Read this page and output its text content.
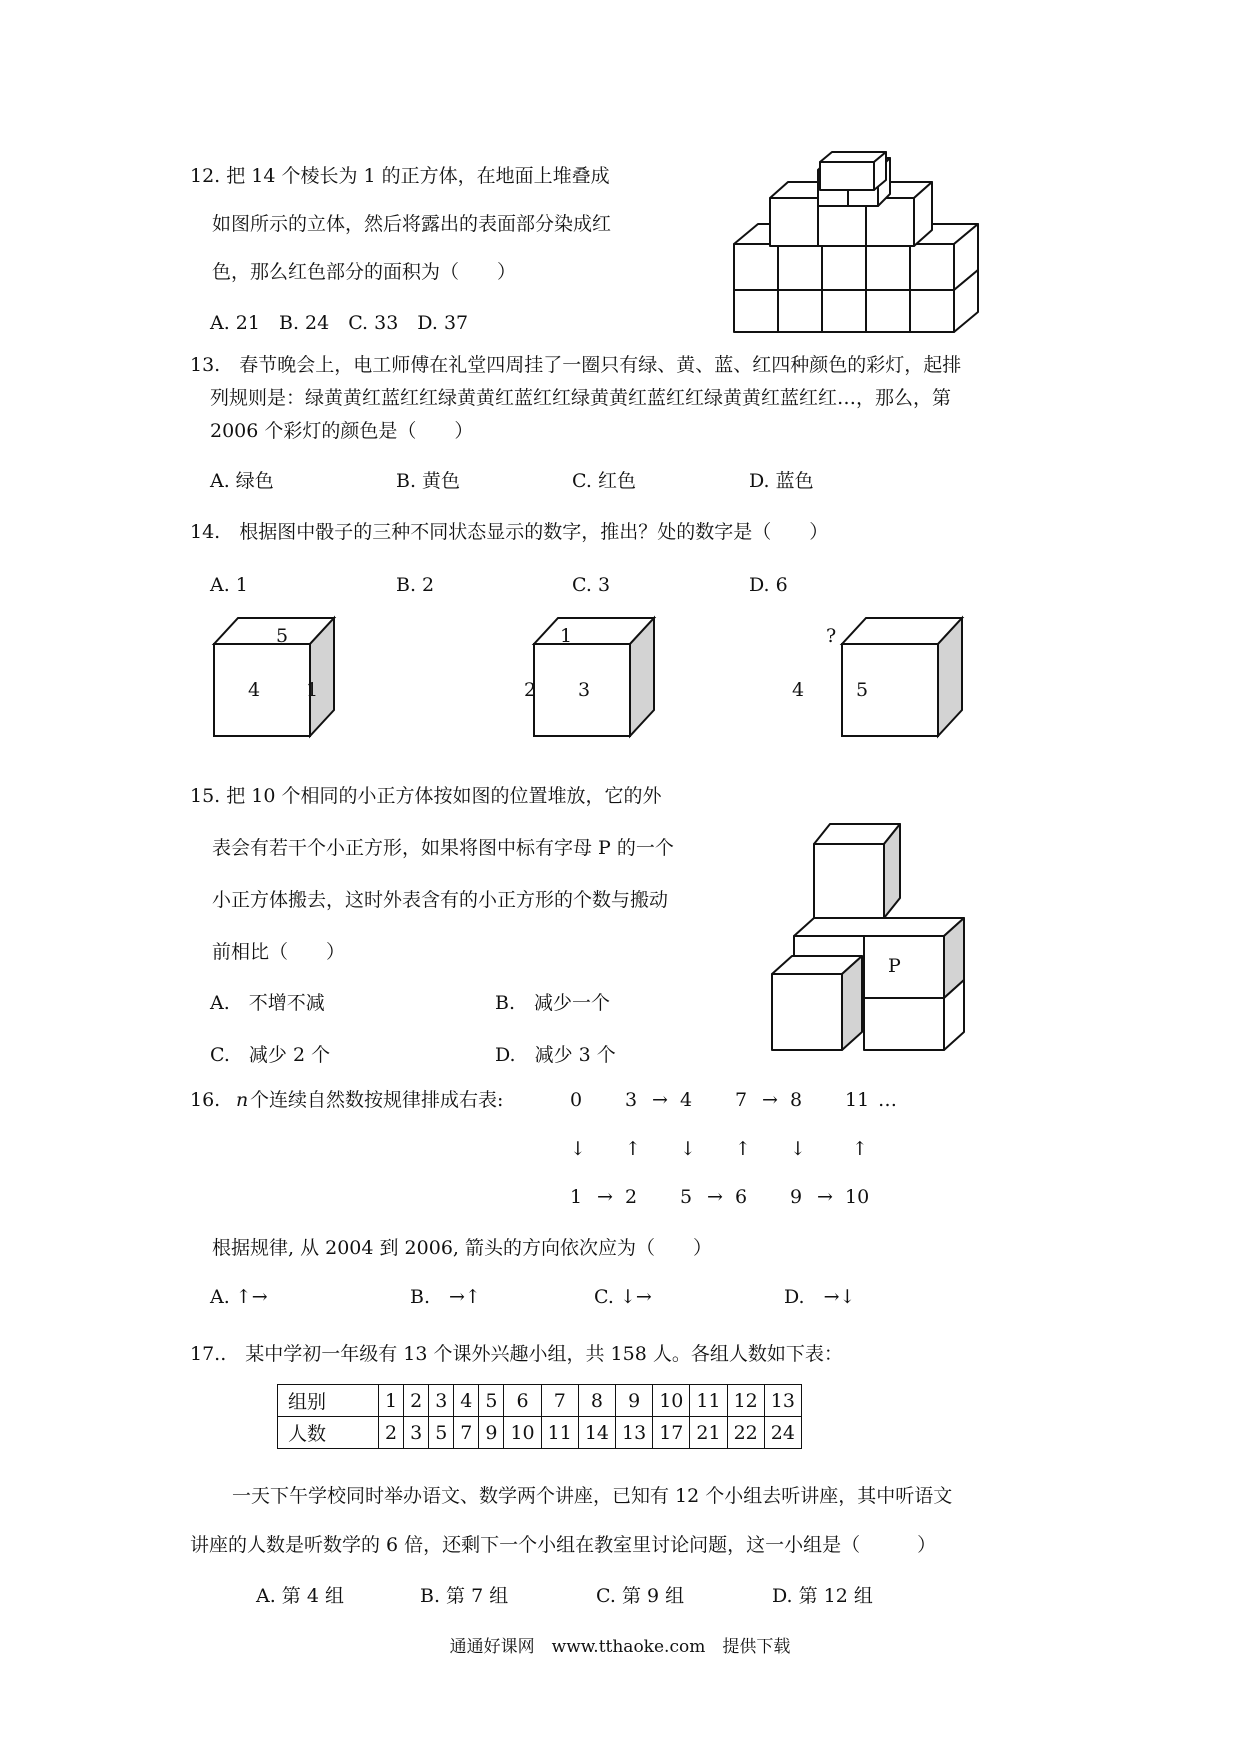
12. 把 14 个棱长为 1 的正方体，在地面上堆叠成
如图所示的立体，然后将露出的表面部分染成红
色，那么红色部分的面积为（　　）
A. 21　B. 24　C. 33　D. 37
13.　春节晚会上，电工师傅在礼堂四周挂了一圈只有绿、黄、蓝、红四种颜色的彩灯，起排
列规则是：绿黄黄红蓝红红绿黄黄红蓝红红绿黄黄红蓝红红绿黄黄红蓝红红…，那么，第
2006 个彩灯的颜色是（　　）
A. 绿色	B. 黄色	C. 红色	D. 蓝色
14.　根据图中骰子的三种不同状态显示的数字，推出？处的数字是（　　）
A. 1	B. 2	C. 3	D. 6
5
4 1
1
2 3
?
4	5
15. 把 10 个相同的小正方体按如图的位置堆放，它的外
表会有若干个小正方形，如果将图中标有字母 P 的一个
小正方体搬去，这时外表含有的小正方形的个数与搬动
前相比（　　）
A.　不增不减	B.　减少一个
C.　减少 2 个	D.　减少 3 个
P
16. n 个连续自然数按规律排成右表:	0 3 → 4 7 → 8 11 …
↓ ↑ ↓ ↑ ↓ ↑
1 → 2 5 → 6 9 → 10
根据规律, 从 2004 到 2006, 箭头的方向依次应为（　　）
A. ↑→	B.　→↑	C. ↓→	D.　→↓
17..　某中学初一年级有 13 个课外兴趣小组，共 158 人。各组人数如下表：
组别	1	2	3	4	5	6	7	8	9	10	11	12	13
人数	2	3	5	7	9	10	11	14	13	17	21	22	24
一天下午学校同时举办语文、数学两个讲座，已知有 12 个小组去听讲座，其中听语文
讲座的人数是听数学的 6 倍，还剩下一个小组在教室里讨论问题，这一小组是（　　　）
A. 第 4 组	B. 第 7 组	C. 第 9 组	D. 第 12 组
通通好课网　www.tthaoke.com　提供下载
